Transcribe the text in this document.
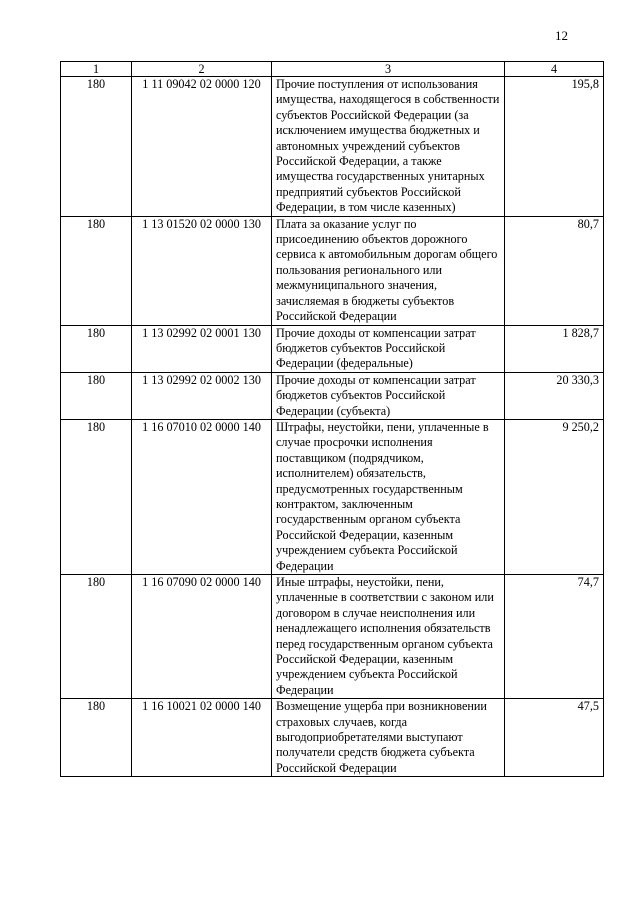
12
1	2	3	4
180	1 11 09042 02 0000 120	Прочие поступления от использования имущества, находящегося в собственности субъектов Российской Федерации (за исключением имущества бюджетных и автономных учреждений субъектов Российской Федерации, а также имущества государственных унитарных предприятий субъектов Российской Федерации, в том числе казенных)	195,8
180	1 13 01520 02 0000 130	Плата за оказание услуг по присоединению объектов дорожного сервиса к автомобильным дорогам общего пользования регионального или межмуниципального значения, зачисляемая в бюджеты субъектов Российской Федерации	80,7
180	1 13 02992 02 0001 130	Прочие доходы от компенсации затрат бюджетов субъектов Российской Федерации (федеральные)	1 828,7
180	1 13 02992 02 0002 130	Прочие доходы от компенсации затрат бюджетов субъектов Российской Федерации (субъекта)	20 330,3
180	1 16 07010 02 0000 140	Штрафы, неустойки, пени, уплаченные в случае просрочки исполнения поставщиком (подрядчиком, исполнителем) обязательств, предусмотренных государственным контрактом, заключенным государственным органом субъекта Российской Федерации, казенным учреждением субъекта Российской Федерации	9 250,2
180	1 16 07090 02 0000 140	Иные штрафы, неустойки, пени, уплаченные в соответствии с законом или договором в случае неисполнения или ненадлежащего исполнения обязательств перед государственным органом субъекта Российской Федерации, казенным учреждением субъекта Российской Федерации	74,7
180	1 16 10021 02 0000 140	Возмещение ущерба при возникновении страховых случаев, когда выгодоприобретателями выступают получатели средств бюджета субъекта Российской Федерации	47,5
